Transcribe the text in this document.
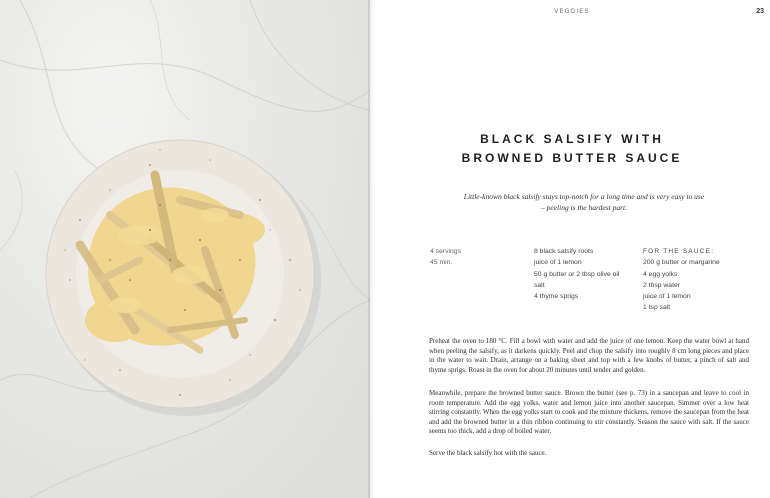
VEGGIES	23
BLACK SALSIFY WITH
BROWNED BUTTER SAUCE
Little-known black salsify stays top-notch for a long time and is very easy to use
– peeling is the hardest part.
4 servings
45 min.
8 black salsify roots
juice of 1 lemon
50 g butter or 2 tbsp olive oil
salt
4 thyme sprigs
FOR THE SAUCE:
200 g butter or margarine
4 egg yolks
2 tbsp water
juice of 1 lemon
1 tsp salt

Preheat the oven to 180 °C. Fill a bowl with water and add the juice of one lemon. Keep the water bowl at hand when peeling the salsify, as it darkens quickly. Peel and chop the salsify into roughly 8 cm long pieces and place in the water to wait. Drain, arrange on a baking sheet and top with a few knobs of butter, a pinch of salt and thyme sprigs. Roast in the oven for about 20 minutes until tender and golden.

Meanwhile, prepare the browned butter sauce. Brown the butter (see p. 73) in a saucepan and leave to cool in room temperature. Add the egg yolks, water and lemon juice into another saucepan. Simmer over a low heat stirring constantly. When the egg yolks start to cook and the mixture thickens, remove the saucepan from the heat and add the browned butter in a thin ribbon continuing to stir constantly. Season the sauce with salt. If the sauce seems too thick, add a drop of boiled water.

Serve the black salsify hot with the sauce.
